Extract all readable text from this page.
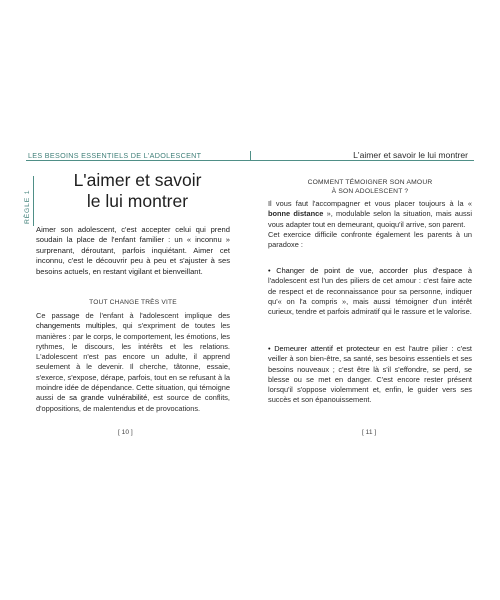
LES BESOINS ESSENTIELS DE L'ADOLESCENT	L'aimer et savoir le lui montrer
RÈGLE 1
L'aimer et savoir
le lui montrer

Aimer son adolescent, c'est accepter celui qui prend soudain la place de l'enfant familier : un « inconnu » surprenant, déroutant, parfois inquiétant. Aimer cet inconnu, c'est le découvrir peu à peu et s'ajuster à ses besoins actuels, en restant vigilant et bienveillant.

TOUT CHANGE TRÈS VITE

Ce passage de l'enfant à l'adolescent implique des changements multiples, qui s'expriment de toutes les manières : par le corps, le comportement, les émotions, les rythmes, le discours, les intérêts et les relations. L'adolescent n'est pas encore un adulte, il apprend seulement à le devenir. Il cherche, tâtonne, essaie, s'exerce, s'expose, dérape, parfois, tout en se refusant à la moindre idée de dépendance. Cette situation, qui témoigne aussi de sa grande vulnérabilité, est source de conflits, d'oppositions, de malentendus et de provocations.

[ 10 ]
COMMENT TÉMOIGNER SON AMOUR
À SON ADOLESCENT ?

Il vous faut l'accompagner et vous placer toujours à la « bonne distance », modulable selon la situation, mais aussi vous adapter tout en demeurant, quoiqu'il arrive, son parent.
Cet exercice difficile confronte également les parents à un paradoxe :

• Changer de point de vue, accorder plus d'espace à l'adolescent est l'un des piliers de cet amour : c'est faire acte de respect et de reconnaissance pour sa personne, indiquer qu'« on l'a compris », mais aussi témoigner d'un intérêt curieux, tendre et parfois admiratif qui le rassure et le valorise.

• Demeurer attentif et protecteur en est l'autre pilier : c'est veiller à son bien-être, sa santé, ses besoins essentiels et ses besoins nouveaux ; c'est être là s'il s'effondre, se perd, se blesse ou se met en danger. C'est encore rester présent lorsqu'il s'oppose violemment et, enfin, le guider vers ses succès et son épanouissement.

[ 11 ]
